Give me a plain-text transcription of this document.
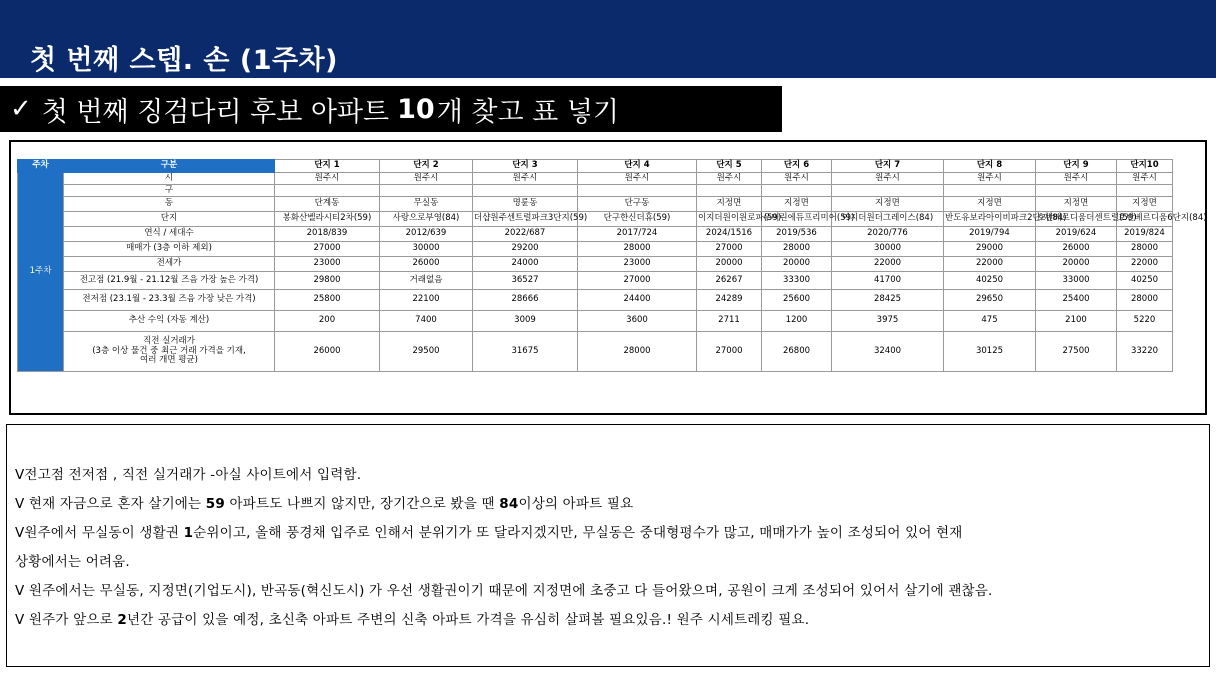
첫 번째 스텝. 손 (1주차)
✓ 첫 번째 징검다리 후보 아파트 10 개 찾고 표 넣기
주차	구분	단지 1	단지 2	단지 3	단지 4	단지 5	단지 6	단지 7	단지 8	단지 9	단지10
1주차	시	원주시	원주시	원주시	원주시	원주시	원주시	원주시	원주시	원주시	원주시
	구										
	동	단계동	무실동	명륜동	단구동	지정면	지정면	지정면	지정면	지정면	지정면
	단지	봉화산벨라시티2차(59)	사랑으로부영(84)	더샵원주센트럴파크3단지(59)	단구한신더휴(59)	이지더원이원로파(59)	우미린에듀프리미어(59)	이지더원더그레이스(84)	반도유보라아이비파크2단지(84)	호반베르디움더센트럴(59)	호반베르디움6단지(84)
	연식 / 세대수	2018/839	2012/639	2022/687	2017/724	2024/1516	2019/536	2020/776	2019/794	2019/624	2019/824
	매매가 (3층 이하 제외)	27000	30000	29200	28000	27000	28000	30000	29000	26000	28000
	전세가	23000	26000	24000	23000	20000	20000	22000	22000	20000	22000
	전고점 (21.9월 - 21.12월 즈음 가장 높은 가격)	29800	거래없음	36527	27000	26267	33300	41700	40250	33000	40250
	전저점 (23.1월 - 23.3월 즈음 가장 낮은 가격)	25800	22100	28666	24400	24289	25600	28425	29650	25400	28000
	추산 수익 (자동 계산)	200	7400	3009	3600	2711	1200	3975	475	2100	5220

	직전 실거래가
(3층 이상 물건 중 최근 거래 가격을 기재,
여러 개면 평균)	26000	29500	31675	28000	27000	26800	32400	30125	27500	33220

V전고점 전저점 , 직전 실거래가 -아실 사이트에서 입력함.

V 현재 자금으로 혼자 살기에는 59 아파트도 나쁘지 않지만, 장기간으로 봤을 땐 84이상의 아파트 필요

V원주에서 무실동이 생활권 1순위이고, 올해 풍경채 입주로 인해서 분위기가 또 달라지겠지만, 무실동은 중대형평수가 많고, 매매가가 높이 조성되어 있어 현재

상황에서는 어려움.

V 원주에서는 무실동, 지정면(기업도시), 반곡동(혁신도시) 가 우선 생활권이기 때문에 지정면에 초중고 다 들어왔으며, 공원이 크게 조성되어 있어서 살기에 괜찮음.

V 원주가 앞으로 2년간 공급이 있을 예정, 초신축 아파트 주변의 신축 아파트 가격을 유심히 살펴볼 필요있음.! 원주 시세트레킹 필요.
